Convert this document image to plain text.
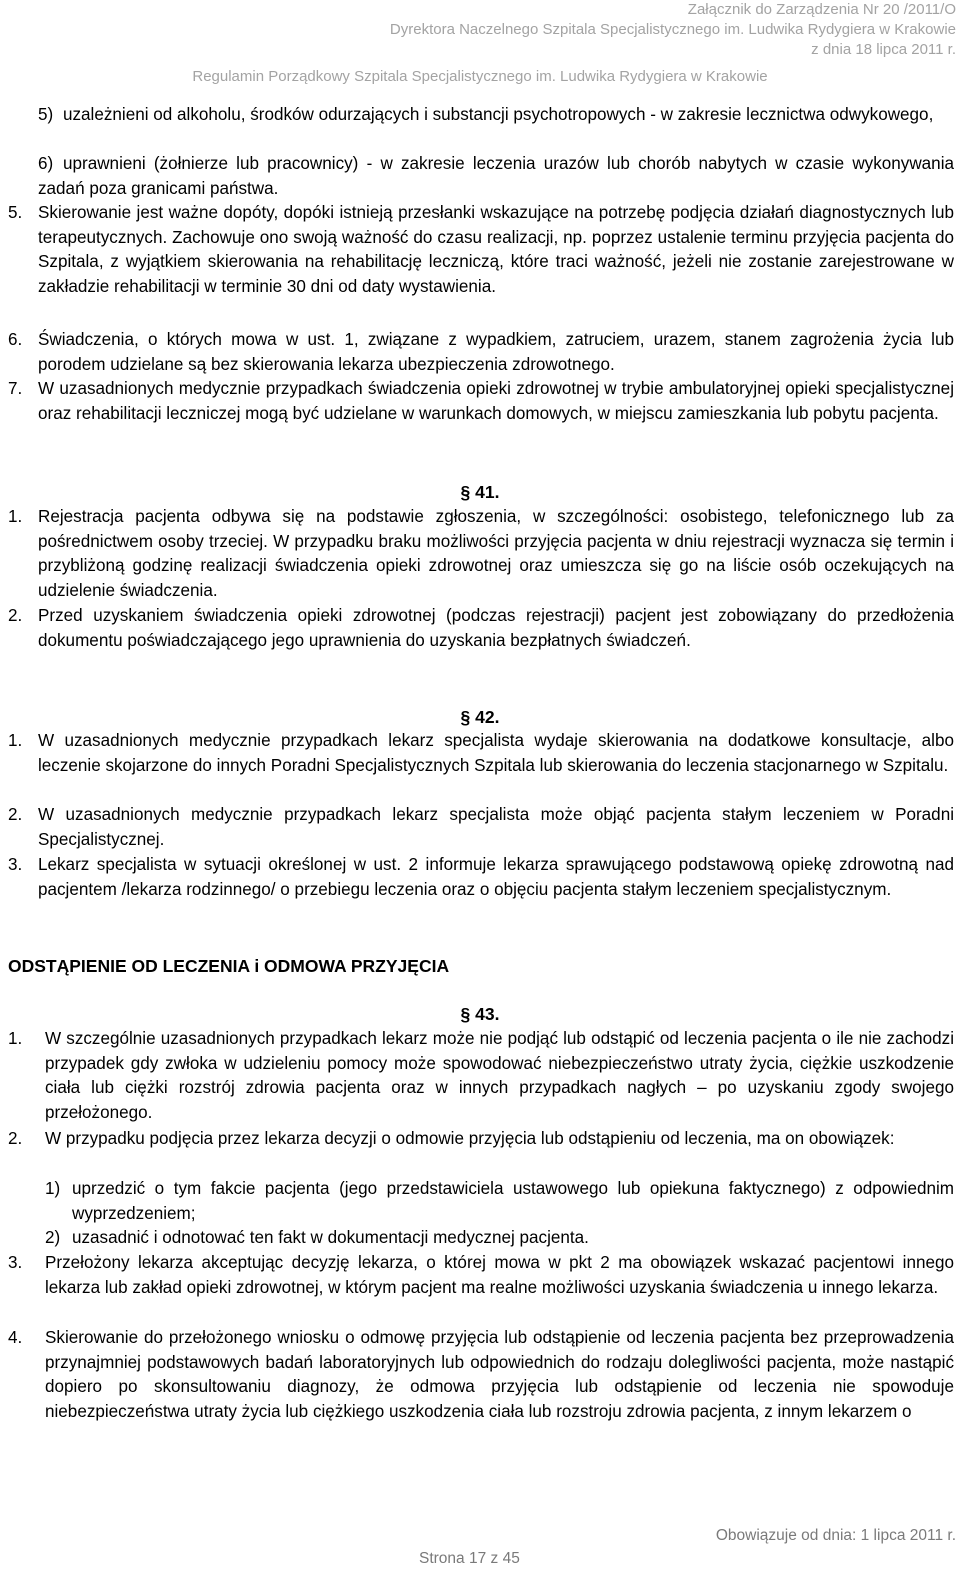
Załącznik do Zarządzenia Nr 20 /2011/O
Dyrektora Naczelnego Szpitala Specjalistycznego im. Ludwika Rydygiera w Krakowie
z dnia 18 lipca 2011 r.
Regulamin Porządkowy Szpitala Specjalistycznego im. Ludwika Rydygiera w Krakowie
5) uzależnieni od alkoholu, środków odurzających i substancji psychotropowych - w zakresie lecznictwa odwykowego,
6) uprawnieni (żołnierze lub pracownicy) - w zakresie leczenia urazów lub chorób nabytych w czasie wykonywania zadań poza granicami państwa.
5. Skierowanie jest ważne dopóty, dopóki istnieją przesłanki wskazujące na potrzebę podjęcia działań diagnostycznych lub terapeutycznych. Zachowuje ono swoją ważność do czasu realizacji, np. poprzez ustalenie terminu przyjęcia pacjenta do Szpitala, z wyjątkiem skierowania na rehabilitację leczniczą, które traci ważność, jeżeli nie zostanie zarejestrowane w zakładzie rehabilitacji w terminie 30 dni od daty wystawienia.
6. Świadczenia, o których mowa w ust. 1, związane z wypadkiem, zatruciem, urazem, stanem zagrożenia życia lub porodem udzielane są bez skierowania lekarza ubezpieczenia zdrowotnego.
7. W uzasadnionych medycznie przypadkach świadczenia opieki zdrowotnej w trybie ambulatoryjnej opieki specjalistycznej oraz rehabilitacji leczniczej mogą być udzielane w warunkach domowych, w miejscu zamieszkania lub pobytu pacjenta.
§ 41.
1. Rejestracja pacjenta odbywa się na podstawie zgłoszenia, w szczególności: osobistego, telefonicznego lub za pośrednictwem osoby trzeciej. W przypadku braku możliwości przyjęcia pacjenta w dniu rejestracji wyznacza się termin i przybliżoną godzinę realizacji świadczenia opieki zdrowotnej oraz umieszcza się go na liście osób oczekujących na udzielenie świadczenia.
2. Przed uzyskaniem świadczenia opieki zdrowotnej (podczas rejestracji) pacjent jest zobowiązany do przedłożenia dokumentu poświadczającego jego uprawnienia do uzyskania bezpłatnych świadczeń.
§ 42.
1. W uzasadnionych medycznie przypadkach lekarz specjalista wydaje skierowania na dodatkowe konsultacje, albo leczenie skojarzone do innych Poradni Specjalistycznych Szpitala lub skierowania do leczenia stacjonarnego w Szpitalu.
2. W uzasadnionych medycznie przypadkach lekarz specjalista może objąć pacjenta stałym leczeniem w Poradni Specjalistycznej.
3. Lekarz specjalista w sytuacji określonej w ust. 2 informuje lekarza sprawującego podstawową opiekę zdrowotną nad pacjentem /lekarza rodzinnego/ o przebiegu leczenia oraz o objęciu pacjenta stałym leczeniem specjalistycznym.
ODSTĄPIENIE OD LECZENIA i ODMOWA PRZYJĘCIA
§ 43.
1.	W szczególnie uzasadnionych przypadkach lekarz może nie podjąć lub odstąpić od leczenia pacjenta o ile nie zachodzi przypadek gdy zwłoka w udzieleniu pomocy może spowodować niebezpieczeństwo utraty życia, ciężkie uszkodzenie ciała lub ciężki rozstrój zdrowia pacjenta oraz w innych przypadkach nagłych – po uzyskaniu zgody swojego przełożonego.
2.	W przypadku podjęcia przez lekarza decyzji o odmowie przyjęcia lub odstąpieniu od leczenia, ma on obowiązek:
1) uprzedzić o tym fakcie pacjenta (jego przedstawiciela ustawowego lub opiekuna faktycznego) z odpowiednim wyprzedzeniem;
2) uzasadnić i odnotować ten fakt w dokumentacji medycznej pacjenta.
3.	Przełożony lekarza akceptując decyzję lekarza, o której mowa w pkt 2 ma obowiązek wskazać pacjentowi innego lekarza lub zakład opieki zdrowotnej, w którym pacjent ma realne możliwości uzyskania świadczenia u innego lekarza.
4.	Skierowanie do przełożonego wniosku o odmowę przyjęcia lub odstąpienie od leczenia pacjenta bez przeprowadzenia przynajmniej podstawowych badań laboratoryjnych lub odpowiednich do rodzaju dolegliwości pacjenta, może nastąpić dopiero po skonsultowaniu diagnozy, że odmowa przyjęcia lub odstąpienie od leczenia nie spowoduje niebezpieczeństwa utraty życia lub ciężkiego uszkodzenia ciała lub rozstroju zdrowia pacjenta, z innym lekarzem o
Obowiązuje od dnia: 1 lipca 2011 r.
Strona 17 z 45
